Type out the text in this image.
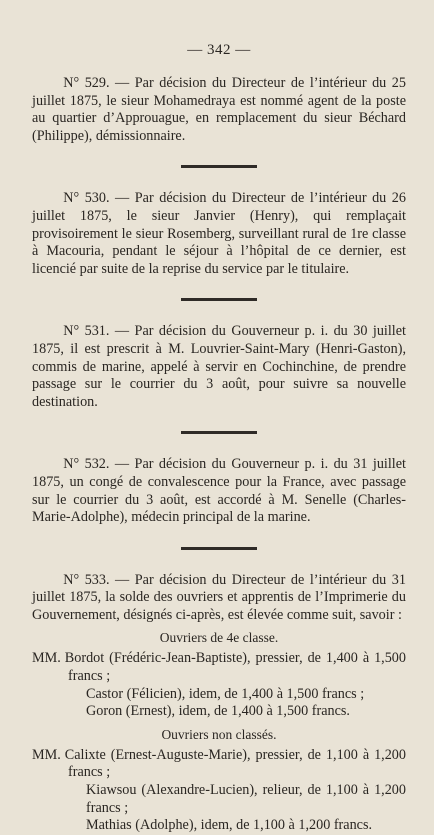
— 342 —

N° 529. — Par décision du Directeur de l’intérieur du 25 juillet 1875, le sieur Mohamedraya est nommé agent de la poste au quartier d’Approuague, en remplacement du sieur Béchard (Philippe), démissionnaire.

N° 530. — Par décision du Directeur de l’intérieur du 26 juillet 1875, le sieur Janvier (Henry), qui remplaçait provisoirement le sieur Rosemberg, surveillant rural de 1re classe à Macouria, pendant le séjour à l’hôpital de ce dernier, est licencié par suite de la reprise du service par le titulaire.

N° 531. — Par décision du Gouverneur p. i. du 30 juillet 1875, il est prescrit à M. Louvrier-Saint-Mary (Henri-Gaston), commis de marine, appelé à servir en Cochinchine, de prendre passage sur le courrier du 3 août, pour suivre sa nouvelle destination.

N° 532. — Par décision du Gouverneur p. i. du 31 juillet 1875, un congé de convalescence pour la France, avec passage sur le courrier du 3 août, est accordé à M. Senelle (Charles-Marie-Adolphe), médecin principal de la marine.

N° 533. — Par décision du Directeur de l’intérieur du 31 juillet 1875, la solde des ouvriers et apprentis de l’Imprimerie du Gouvernement, désignés ci-après, est élevée comme suit, savoir :

Ouvriers de 4e classe.
MM. Bordot (Frédéric-Jean-Baptiste), pressier, de 1,400 à 1,500 francs ;
Castor (Félicien), idem, de 1,400 à 1,500 francs ;
Goron (Ernest), idem, de 1,400 à 1,500 francs.
Ouvriers non classés.
MM. Calixte (Ernest-Auguste-Marie), pressier, de 1,100 à 1,200 francs ;
Kiawsou (Alexandre-Lucien), relieur, de 1,100 à 1,200 francs ;
Mathias (Adolphe), idem, de 1,100 à 1,200 francs.
